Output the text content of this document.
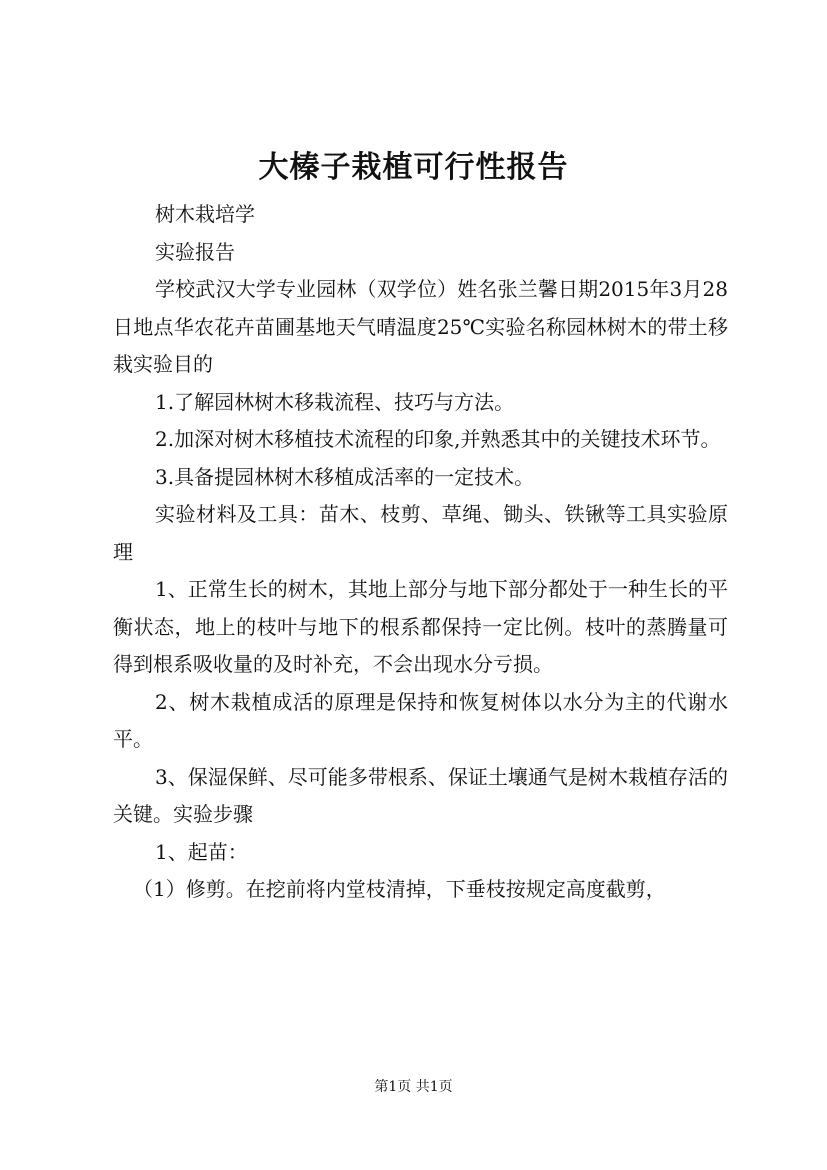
大榛子栽植可行性报告

树木栽培学

实验报告

学校武汉大学专业园林（双学位）姓名张兰馨日期2015年3月28日地点华农花卉苗圃基地天气晴温度25℃实验名称园林树木的带土移栽实验目的

1.了解园林树木移栽流程、技巧与方法。

2.加深对树木移植技术流程的印象,并熟悉其中的关键技术环节。

3.具备提园林树木移植成活率的一定技术。

实验材料及工具：苗木、枝剪、草绳、锄头、铁锹等工具实验原理

1、正常生长的树木，其地上部分与地下部分都处于一种生长的平衡状态，地上的枝叶与地下的根系都保持一定比例。枝叶的蒸腾量可得到根系吸收量的及时补充，不会出现水分亏损。

2、树木栽植成活的原理是保持和恢复树体以水分为主的代谢水平。

3、保湿保鲜、尽可能多带根系、保证土壤通气是树木栽植存活的关键。实验步骤

1、起苗：

（1）修剪。在挖前将内堂枝清掉，下垂枝按规定高度截剪，

第1页 共1页
